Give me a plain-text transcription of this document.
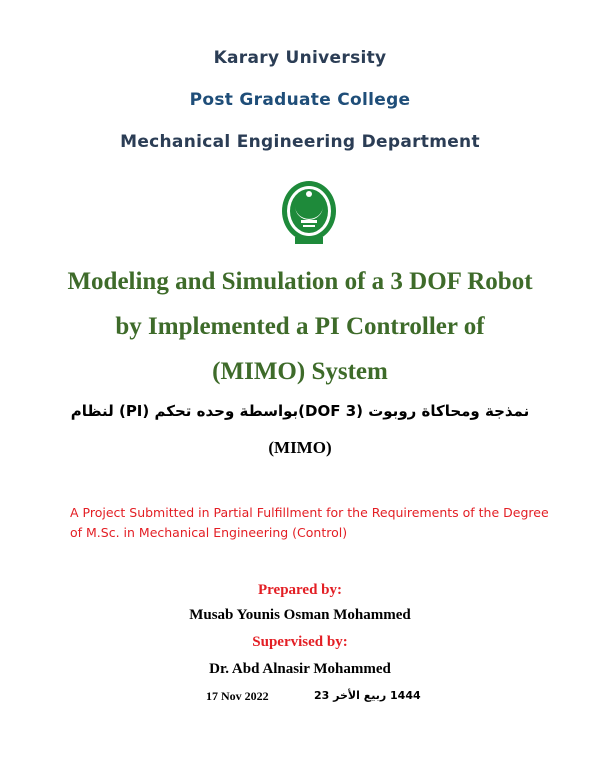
Karary University
Post Graduate College
Mechanical Engineering Department
Modeling and Simulation of a 3 DOF Robot
by Implemented a PI Controller of
(MIMO) System
نمذجة ومحاكاة روبوت (3 DOF)بواسطة وحده تحكم (PI) لنظام
(MIMO)
A Project Submitted in Partial Fulfillment for the Requirements of the Degree of M.Sc. in Mechanical Engineering (Control)
Prepared by:
Musab Younis Osman Mohammed
Supervised by:
Dr. Abd Alnasir Mohammed
17 Nov 2022	1444 ربيع الأخر 23
